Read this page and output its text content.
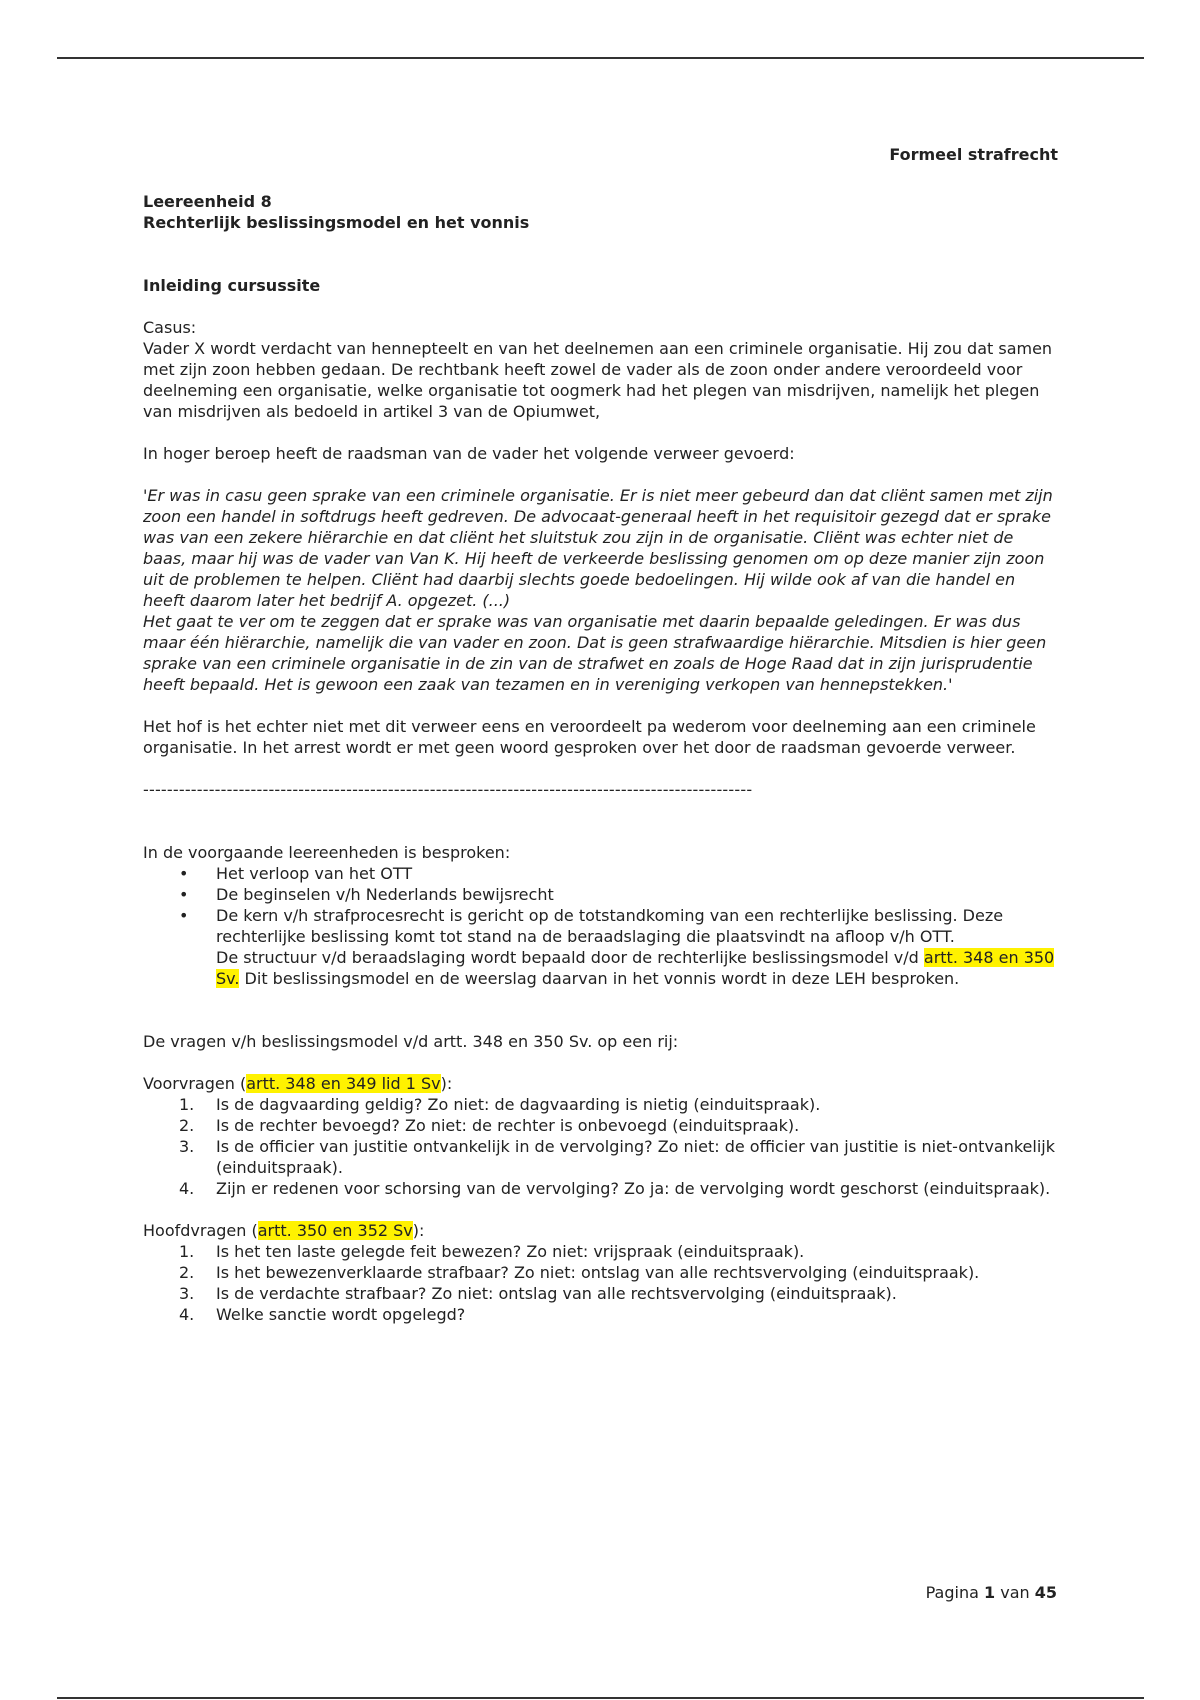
Formeel strafrecht

Leereenheid 8

Rechterlijk beslissingsmodel en het vonnis

Inleiding cursussite

Casus:

Vader X wordt verdacht van hennepteelt en van het deelnemen aan een criminele organisatie. Hij zou dat samen met zijn zoon hebben gedaan. De rechtbank heeft zowel de vader als de zoon onder andere veroordeeld voor deelneming een organisatie, welke organisatie tot oogmerk had het plegen van misdrijven, namelijk het plegen van misdrijven als bedoeld in artikel 3 van de Opiumwet,

In hoger beroep heeft de raadsman van de vader het volgende verweer gevoerd:

'Er was in casu geen sprake van een criminele organisatie. Er is niet meer gebeurd dan dat cliënt samen met zijn zoon een handel in softdrugs heeft gedreven. De advocaat-generaal heeft in het requisitoir gezegd dat er sprake was van een zekere hiërarchie en dat cliënt het sluitstuk zou zijn in de organisatie. Cliënt was echter niet de baas, maar hij was de vader van Van K. Hij heeft de verkeerde beslissing genomen om op deze manier zijn zoon uit de problemen te helpen. Cliënt had daarbij slechts goede bedoelingen. Hij wilde ook af van die handel en heeft daarom later het bedrijf A. opgezet. (...)

Het gaat te ver om te zeggen dat er sprake was van organisatie met daarin bepaalde geledingen. Er was dus maar één hiërarchie, namelijk die van vader en zoon. Dat is geen strafwaardige hiërarchie. Mitsdien is hier geen sprake van een criminele organisatie in de zin van de strafwet en zoals de Hoge Raad dat in zijn jurisprudentie heeft bepaald. Het is gewoon een zaak van tezamen en in vereniging verkopen van hennepstekken.'

Het hof is het echter niet met dit verweer eens en veroordeelt pa wederom voor deelneming aan een criminele organisatie. In het arrest wordt er met geen woord gesproken over het door de raadsman gevoerde verweer.

------------------------------------------------------------------------------------------------------

In de voorgaande leereenheden is besproken:

• Het verloop van het OTT
• De beginselen v/h Nederlands bewijsrecht
• De kern v/h strafprocesrecht is gericht op de totstandkoming van een rechterlijke beslissing. Deze rechterlijke beslissing komt tot stand na de beraadslaging die plaatsvindt na afloop v/h OTT.
De structuur v/d beraadslaging wordt bepaald door de rechterlijke beslissingsmodel v/d artt. 348 en 350 Sv. Dit beslissingsmodel en de weerslag daarvan in het vonnis wordt in deze LEH besproken.

De vragen v/h beslissingsmodel v/d artt. 348 en 350 Sv. op een rij:

Voorvragen (artt. 348 en 349 lid 1 Sv):

1. Is de dagvaarding geldig? Zo niet: de dagvaarding is nietig (einduitspraak).
2. Is de rechter bevoegd? Zo niet: de rechter is onbevoegd (einduitspraak).
3. Is de officier van justitie ontvankelijk in de vervolging? Zo niet: de officier van justitie is niet-ontvankelijk (einduitspraak).
4. Zijn er redenen voor schorsing van de vervolging? Zo ja: de vervolging wordt geschorst (einduitspraak).

Hoofdvragen (artt. 350 en 352 Sv):

1. Is het ten laste gelegde feit bewezen? Zo niet: vrijspraak (einduitspraak).
2. Is het bewezenverklaarde strafbaar? Zo niet: ontslag van alle rechtsvervolging (einduitspraak).
3. Is de verdachte strafbaar? Zo niet: ontslag van alle rechtsvervolging (einduitspraak).
4. Welke sanctie wordt opgelegd?
Pagina 1 van 45
